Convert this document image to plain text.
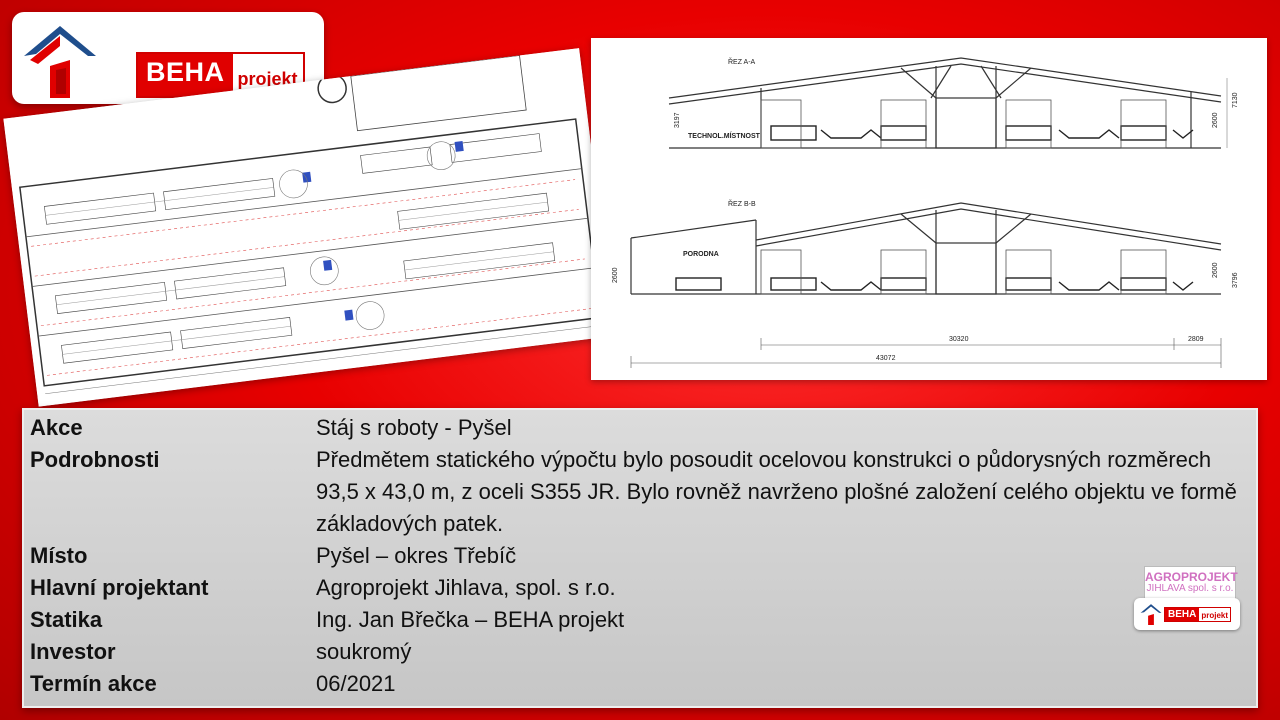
BEHA projekt
ŘEZ A-A
TECHNOL.MÍSTNOST
3197	2600
7130
ŘEZ B-B
PORODNA
2600	2600
3796
30320	2809
43072
Akce	Stáj s roboty - Pyšel
Podrobnosti	Předmětem statického výpočtu bylo posoudit ocelovou konstrukci o půdorysných rozměrech 93,5 x 43,0 m, z oceli S355 JR. Bylo rovněž navrženo plošné založení celého objektu ve formě základových patek.
Místo	Pyšel – okres Třebíč
Hlavní projektant	Agroprojekt Jihlava, spol. s r.o.
Statika	Ing. Jan Břečka – BEHA projekt
Investor	soukromý
Termín akce	06/2021
AGROPROJEKT
JIHLAVA spol. s r.o.
BEHA projekt
